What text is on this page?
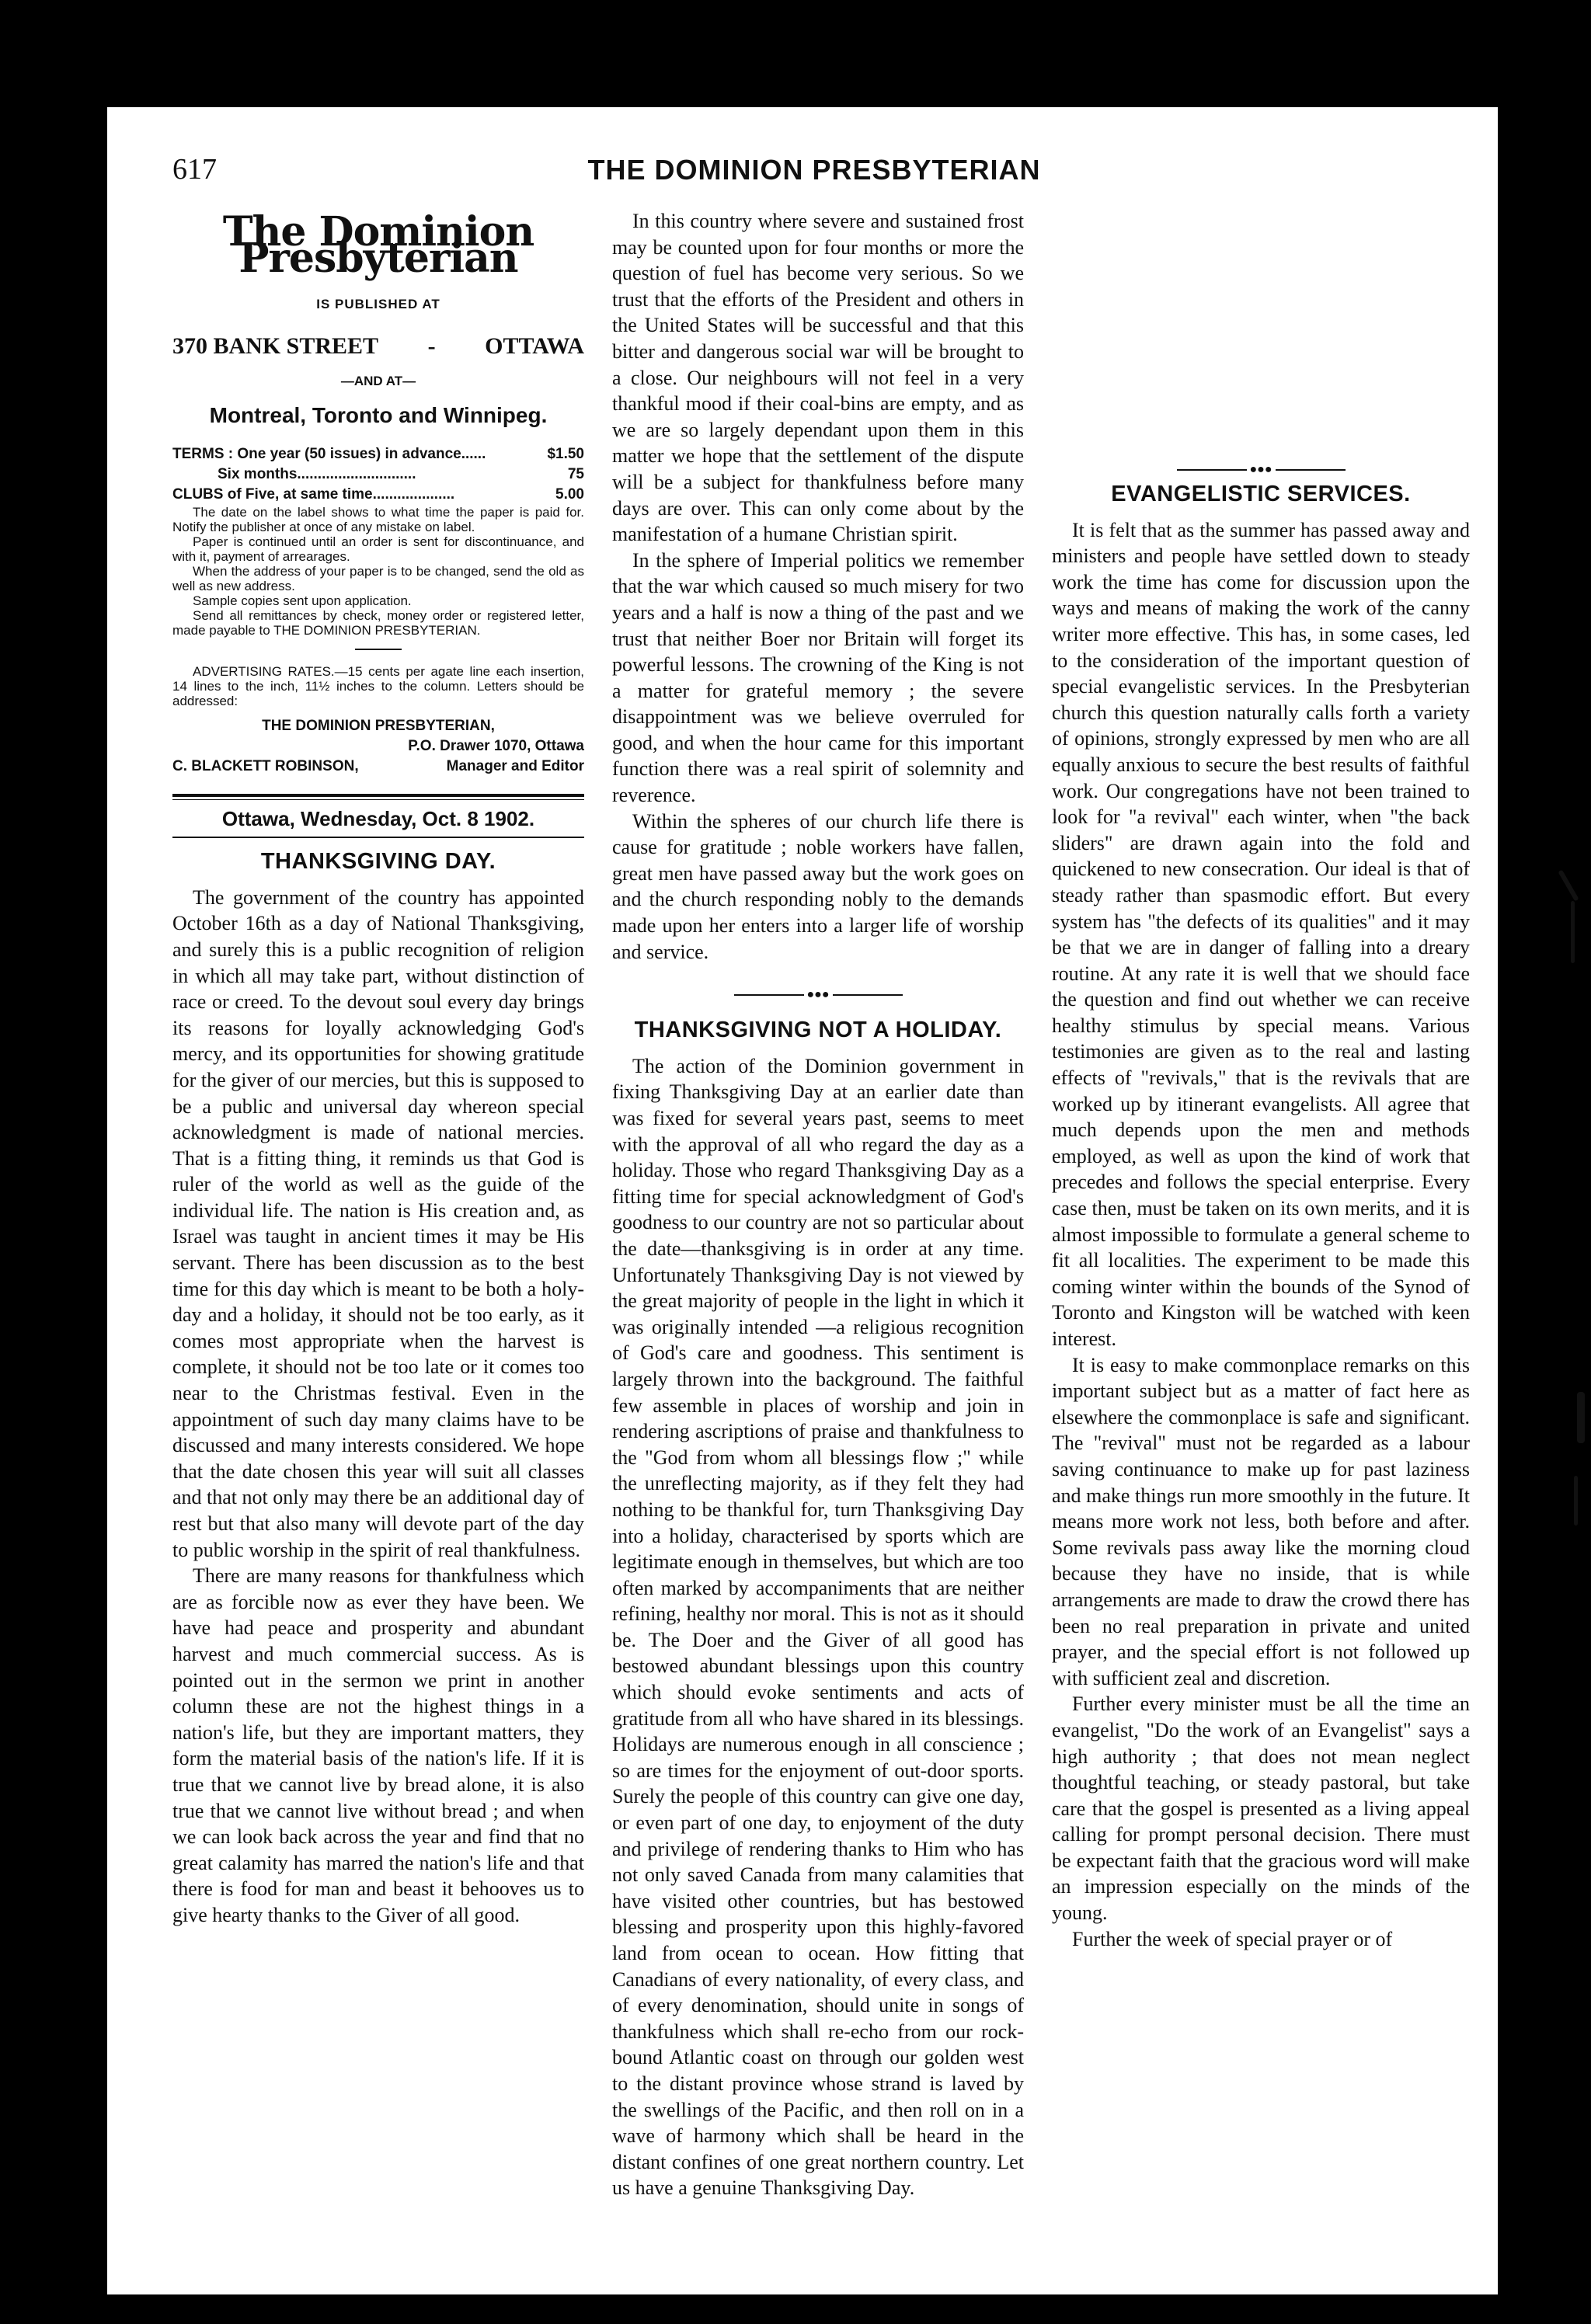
617	THE DOMINION PRESBYTERIAN
The Dominion Presbyterian
IS PUBLISHED AT
370 BANK STREET - OTTAWA
—AND AT—
Montreal, Toronto and Winnipeg.
TERMS : One year (50 issues) in advance......	$1.50
Six months.............................	75
CLUBS of Five, at same time....................	5.00

The date on the label shows to what time the paper is paid for. Notify the publisher at once of any mistake on label.

Paper is continued until an order is sent for discontinuance, and with it, payment of arrearages.

When the address of your paper is to be changed, send the old as well as new address.

Sample copies sent upon application.

Send all remittances by check, money order or registered letter, made payable to THE DOMINION PRESBYTERIAN.

ADVERTISING RATES.—15 cents per agate line each insertion, 14 lines to the inch, 11½ inches to the column. Letters should be addressed:

THE DOMINION PRESBYTERIAN,
P.O. Drawer 1070, Ottawa
C. BLACKETT ROBINSON,	Manager and Editor
Ottawa, Wednesday, Oct. 8 1902.
THANKSGIVING DAY.

The government of the country has appointed October 16th as a day of National Thanksgiving, and surely this is a public recognition of religion in which all may take part, without distinction of race or creed. To the devout soul every day brings its reasons for loyally acknowledging God's mercy, and its opportunities for showing gratitude for the giver of our mercies, but this is supposed to be a public and universal day whereon special acknowledgment is made of national mercies. That is a fitting thing, it reminds us that God is ruler of the world as well as the guide of the individual life. The nation is His creation and, as Israel was taught in ancient times it may be His servant. There has been discussion as to the best time for this day which is meant to be both a holy-day and a holiday, it should not be too early, as it comes most appropriate when the harvest is complete, it should not be too late or it comes too near to the Christmas festival. Even in the appointment of such day many claims have to be discussed and many interests considered. We hope that the date chosen this year will suit all classes and that not only may there be an additional day of rest but that also many will devote part of the day to public worship in the spirit of real thankfulness.

There are many reasons for thankfulness which are as forcible now as ever they have been. We have had peace and prosperity and abundant harvest and much commercial success. As is pointed out in the sermon we print in another column these are not the highest things in a nation's life, but they are important matters, they form the material basis of the nation's life. If it is true that we cannot live by bread alone, it is also true that we cannot live without bread ; and when we can look back across the year and find that no great calamity has marred the nation's life and that there is food for man and beast it behooves us to give hearty thanks to the Giver of all good.

In this country where severe and sustained frost may be counted upon for four months or more the question of fuel has become very serious. So we trust that the efforts of the President and others in the United States will be successful and that this bitter and dangerous social war will be brought to a close. Our neighbours will not feel in a very thankful mood if their coal-bins are empty, and as we are so largely dependant upon them in this matter we hope that the settlement of the dispute will be a subject for thankfulness before many days are over. This can only come about by the manifestation of a humane Christian spirit.

In the sphere of Imperial politics we remember that the war which caused so much misery for two years and a half is now a thing of the past and we trust that neither Boer nor Britain will forget its powerful lessons. The crowning of the King is not a matter for grateful memory ; the severe disappointment was we believe overruled for good, and when the hour came for this important function there was a real spirit of solemnity and reverence.

Within the spheres of our church life there is cause for gratitude ; noble workers have fallen, great men have passed away but the work goes on and the church responding nobly to the demands made upon her enters into a larger life of worship and service.

●●●
THANKSGIVING NOT A HOLIDAY.

The action of the Dominion government in fixing Thanksgiving Day at an earlier date than was fixed for several years past, seems to meet with the approval of all who regard the day as a holiday. Those who regard Thanksgiving Day as a fitting time for special acknowledgment of God's goodness to our country are not so particular about the date—thanksgiving is in order at any time. Unfortunately Thanksgiving Day is not viewed by the great majority of people in the light in which it was originally intended —a religious recognition of God's care and goodness. This sentiment is largely thrown into the background. The faithful few assemble in places of worship and join in rendering ascriptions of praise and thankfulness to the "God from whom all blessings flow ;" while the unreflecting majority, as if they felt they had nothing to be thankful for, turn Thanksgiving Day into a holiday, characterised by sports which are legitimate enough in themselves, but which are too often marked by accompaniments that are neither refining, healthy nor moral. This is not as it should be. The Doer and the Giver of all good has bestowed abundant blessings upon this country which should evoke sentiments and acts of gratitude from all who have shared in its blessings. Holidays are numerous enough in all conscience ; so are times for the enjoyment of out-door sports. Surely the people of this country can give one day, or even part of one day, to enjoyment of the duty and privilege of rendering thanks to Him who has not only saved Canada from many calamities that have visited other countries, but has bestowed blessing and prosperity upon this highly-favored land from ocean to ocean. How fitting that Canadians of every nationality, of every class, and of every denomination, should unite in songs of thankfulness which shall re-echo from our rock-bound Atlantic coast on through our golden west to the distant province whose strand is laved by the swellings of the Pacific, and then roll on in a wave of harmony which shall be heard in the distant confines of one great northern country. Let us have a genuine Thanksgiving Day.

●●●
EVANGELISTIC SERVICES.

It is felt that as the summer has passed away and ministers and people have settled down to steady work the time has come for discussion upon the ways and means of making the work of the canny writer more effective. This has, in some cases, led to the consideration of the important question of special evangelistic services. In the Presbyterian church this question naturally calls forth a variety of opinions, strongly expressed by men who are all equally anxious to secure the best results of faithful work. Our congregations have not been trained to look for "a revival" each winter, when "the back sliders" are drawn again into the fold and quickened to new consecration. Our ideal is that of steady rather than spasmodic effort. But every system has "the defects of its qualities" and it may be that we are in danger of falling into a dreary routine. At any rate it is well that we should face the question and find out whether we can receive healthy stimulus by special means. Various testimonies are given as to the real and lasting effects of "revivals," that is the revivals that are worked up by itinerant evangelists. All agree that much depends upon the men and methods employed, as well as upon the kind of work that precedes and follows the special enterprise. Every case then, must be taken on its own merits, and it is almost impossible to formulate a general scheme to fit all localities. The experiment to be made this coming winter within the bounds of the Synod of Toronto and Kingston will be watched with keen interest.

It is easy to make commonplace remarks on this important subject but as a matter of fact here as elsewhere the commonplace is safe and significant. The "revival" must not be regarded as a labour saving continuance to make up for past laziness and make things run more smoothly in the future. It means more work not less, both before and after. Some revivals pass away like the morning cloud because they have no inside, that is while arrangements are made to draw the crowd there has been no real preparation in private and united prayer, and the special effort is not followed up with sufficient zeal and discretion.

Further every minister must be all the time an evangelist, "Do the work of an Evangelist" says a high authority ; that does not mean neglect thoughtful teaching, or steady pastoral, but take care that the gospel is presented as a living appeal calling for prompt personal decision. There must be expectant faith that the gracious word will make an impression especially on the minds of the young.

Further the week of special prayer or of
